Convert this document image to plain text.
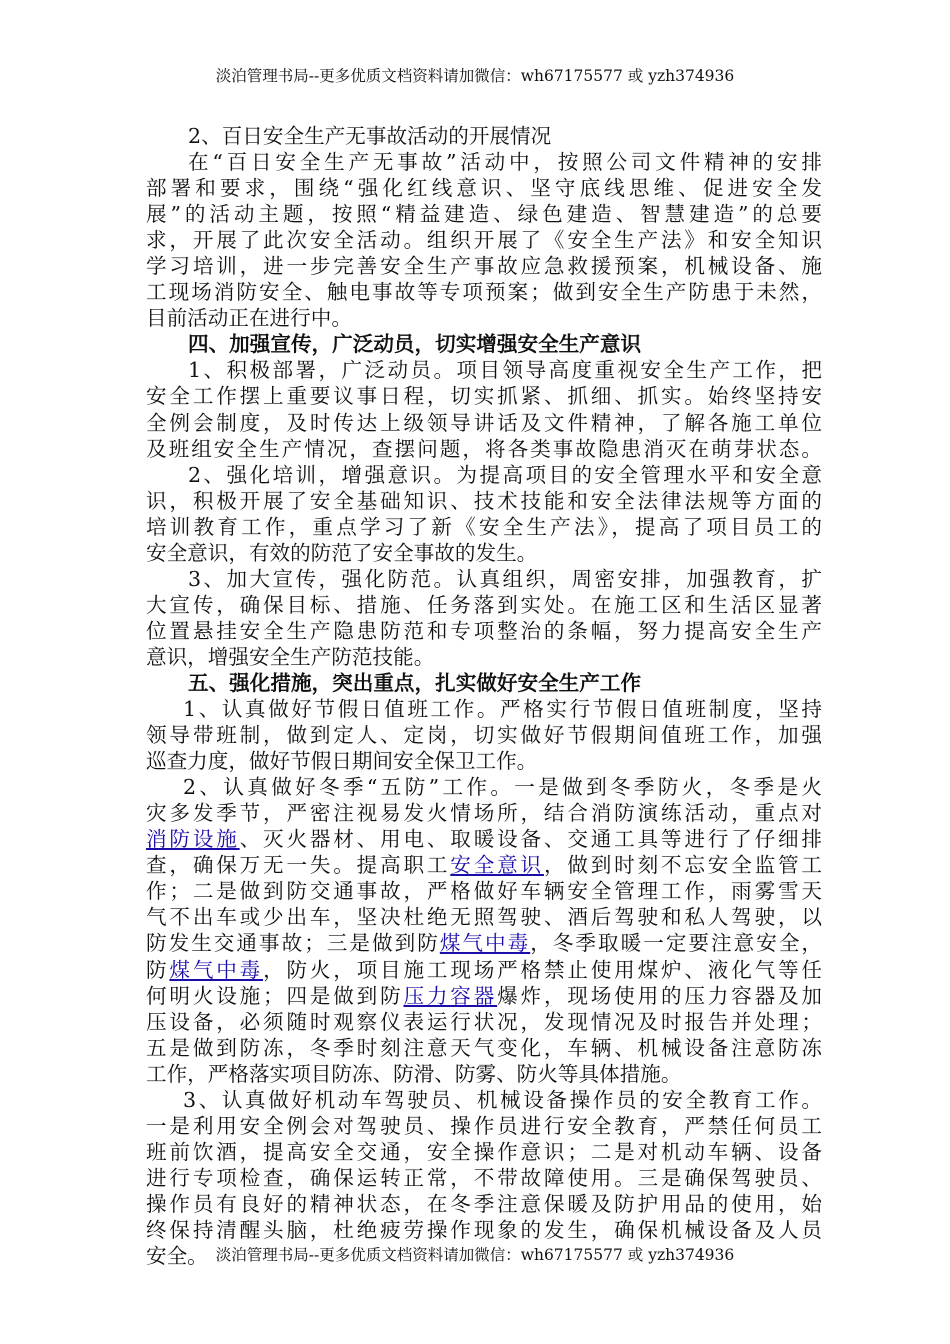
淡泊管理书局--更多优质文档资料请加微信：wh67175577 或 yzh374936
2、百日安全生产无事故活动的开展情况
在“百日安全生产无事故”活动中，按照公司文件精神的安排
部署和要求，围绕“强化红线意识、坚守底线思维、促进安全发
展”的活动主题，按照“精益建造、绿色建造、智慧建造”的总要
求，开展了此次安全活动。组织开展了《安全生产法》和安全知识
学习培训，进一步完善安全生产事故应急救援预案，机械设备、施
工现场消防安全、触电事故等专项预案；做到安全生产防患于未然，
目前活动正在进行中。
四、加强宣传，广泛动员，切实增强安全生产意识
1、积极部署，广泛动员。项目领导高度重视安全生产工作，把
安全工作摆上重要议事日程，切实抓紧、抓细、抓实。始终坚持安
全例会制度，及时传达上级领导讲话及文件精神，了解各施工单位
及班组安全生产情况，查摆问题，将各类事故隐患消灭在萌芽状态。
2、强化培训，增强意识。为提高项目的安全管理水平和安全意
识，积极开展了安全基础知识、技术技能和安全法律法规等方面的
培训教育工作，重点学习了新《安全生产法》，提高了项目员工的
安全意识，有效的防范了安全事故的发生。
3、加大宣传，强化防范。认真组织，周密安排，加强教育，扩
大宣传，确保目标、措施、任务落到实处。在施工区和生活区显著
位置悬挂安全生产隐患防范和专项整治的条幅，努力提高安全生产
意识，增强安全生产防范技能。
五、强化措施，突出重点，扎实做好安全生产工作
1、认真做好节假日值班工作。严格实行节假日值班制度，坚持
领导带班制，做到定人、定岗，切实做好节假期间值班工作，加强
巡查力度，做好节假日期间安全保卫工作。
2、认真做好冬季“五防”工作。一是做到冬季防火，冬季是火
灾多发季节，严密注视易发火情场所，结合消防演练活动，重点对
消防设施、灭火器材、用电、取暖设备、交通工具等进行了仔细排
查，确保万无一失。提高职工安全意识，做到时刻不忘安全监管工
作；二是做到防交通事故，严格做好车辆安全管理工作，雨雾雪天
气不出车或少出车，坚决杜绝无照驾驶、酒后驾驶和私人驾驶，以
防发生交通事故；三是做到防煤气中毒，冬季取暖一定要注意安全，
防煤气中毒，防火，项目施工现场严格禁止使用煤炉、液化气等任
何明火设施；四是做到防压力容器爆炸，现场使用的压力容器及加
压设备，必须随时观察仪表运行状况，发现情况及时报告并处理；
五是做到防冻，冬季时刻注意天气变化，车辆、机械设备注意防冻
工作，严格落实项目防冻、防滑、防雾、防火等具体措施。
3、认真做好机动车驾驶员、机械设备操作员的安全教育工作。
一是利用安全例会对驾驶员、操作员进行安全教育，严禁任何员工
班前饮酒，提高安全交通，安全操作意识；二是对机动车辆、设备
进行专项检查，确保运转正常，不带故障使用。三是确保驾驶员、
操作员有良好的精神状态，在冬季注意保暖及防护用品的使用，始
终保持清醒头脑，杜绝疲劳操作现象的发生，确保机械设备及人员
安全。 淡泊管理书局--更多优质文档资料请加微信：wh67175577 或 yzh374936
